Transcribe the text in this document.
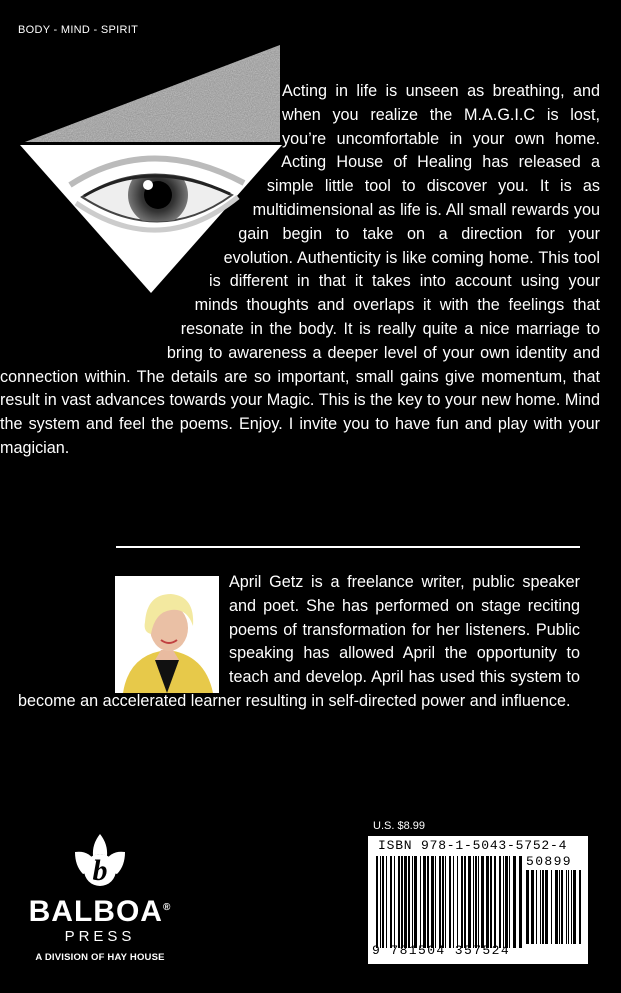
BODY - MIND - SPIRIT

Acting in life is unseen as breathing, and when you realize the M.A.G.I.C is lost, you’re uncomfortable in your own home. Acting House of Healing has released a simple little tool to discover you. It is as multidimensional as life is. All small rewards you gain begin to take on a direction for your evolution. Authenticity is like coming home. This tool is different in that it takes into account using your minds thoughts and overlaps it with the feelings that resonate in the body. It is really quite a nice marriage to bring to awareness a deeper level of your own identity and connection within. The details are so important, small gains give momentum, that result in vast advances towards your Magic. This is the key to your new home. Mind the system and feel the poems. Enjoy. I invite you to have fun and play with your magician.

April Getz is a freelance writer, public speaker and poet. She has performed on stage reciting poems of transformation for her listeners. Public speaking has allowed April the opportunity to teach and develop. April has used this system to become an accelerated learner resulting in self-directed power and influence.

b
BALBOA®
PRESS
A DIVISION OF HAY HOUSE
U.S. $8.99
ISBN 978-1-5043-5752-4
50899
9 781504 357524
